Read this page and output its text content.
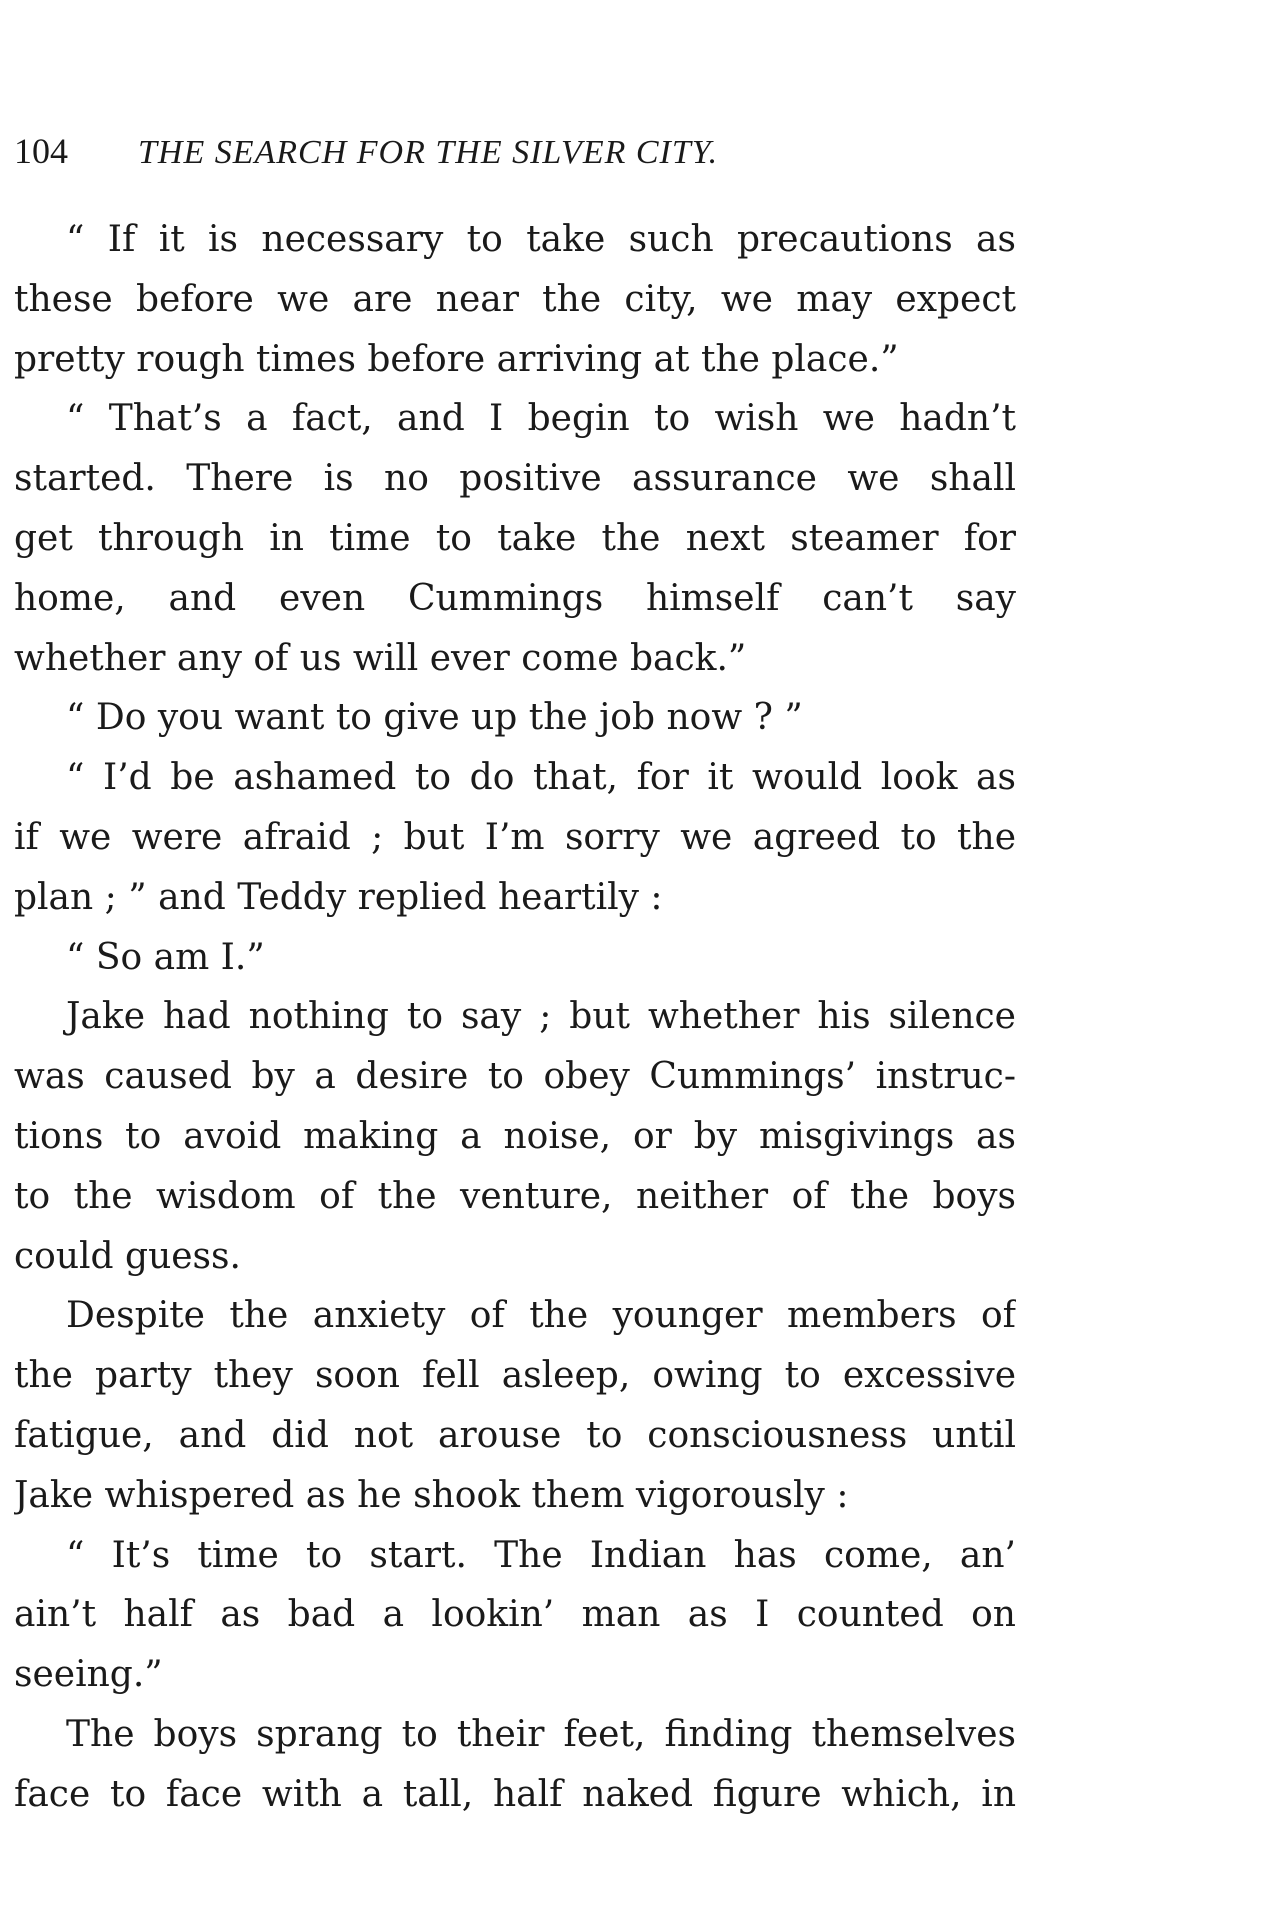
104 THE SEARCH FOR THE SILVER CITY.
“ If it is necessary to take such precautions as
these before we are near the city, we may expect
pretty rough times before arriving at the place.”
“ That’s a fact, and I begin to wish we hadn’t
started. There is no positive assurance we shall
get through in time to take the next steamer for
home, and even Cummings himself can’t say
whether any of us will ever come back.”
“ Do you want to give up the job now ? ”
“ I’d be ashamed to do that, for it would look as
if we were afraid ; but I’m sorry we agreed to the
plan ; ” and Teddy replied heartily :
“ So am I.”
Jake had nothing to say ; but whether his silence
was caused by a desire to obey Cummings’ instruc-
tions to avoid making a noise, or by misgivings as
to the wisdom of the venture, neither of the boys
could guess.
Despite the anxiety of the younger members of
the party they soon fell asleep, owing to excessive
fatigue, and did not arouse to consciousness until
Jake whispered as he shook them vigorously :
“ It’s time to start. The Indian has come, an’
ain’t half as bad a lookin’ man as I counted on
seeing.”
The boys sprang to their feet, finding themselves
face to face with a tall, half naked figure which, in
